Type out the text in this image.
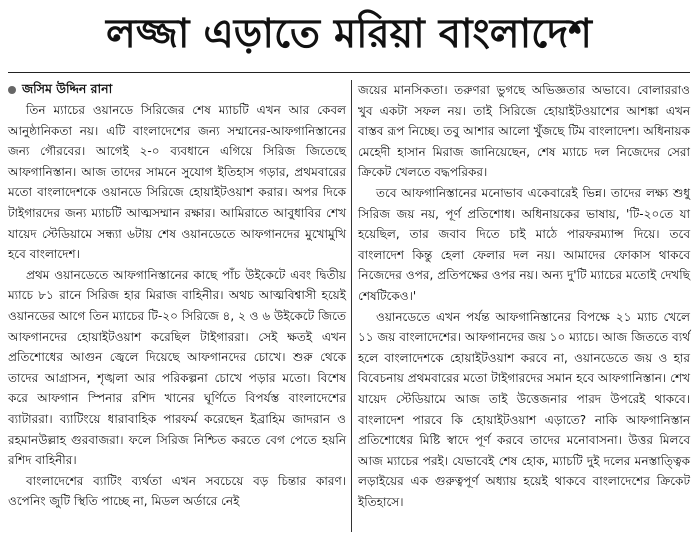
লজ্জা এড়াতে মরিয়া বাংলাদেশ
জসিম উদ্দিন রানা

তিন ম্যাচের ওয়ানডে সিরিজের শেষ ম্যাচটি এখন আর কেবল আনুষ্ঠানিকতা নয়। এটি বাংলাদেশের জন্য সম্মানের-আফগানিস্তানের জন্য গৌরবের। আগেই ২-০ ব্যবধানে এগিয়ে সিরিজ জিতেছে আফগানিস্তান। আজ তাদের সামনে সুযোগ ইতিহাস গড়ার, প্রথমবারের মতো বাংলাদেশকে ওয়ানডে সিরিজে হোয়াইটওয়াশ করার। অপর দিকে টাইগারদের জন্য ম্যাচটি আত্মসম্মান রক্ষার। আমিরাতে আবুধাবির শেখ যায়েদ স্টেডিয়ামে সন্ধ্যা ৬টায় শেষ ওয়ানডেতে আফগানদের মুখোমুখি হবে বাংলাদেশ।

প্রথম ওয়ানডেতে আফগানিস্তানের কাছে পাঁচ উইকেটে এবং দ্বিতীয় ম্যাচে ৮১ রানে সিরিজ হার মিরাজ বাহিনীর। অথচ আত্মবিশ্বাসী হয়েই ওয়ানডের আগে তিন ম্যাচের টি-২০ সিরিজে ৪, ২ ও ৬ উইকেটে জিতে আফগানদের হোয়াইটওয়াশ করেছিল টাইগাররা। সেই ক্ষতই এখন প্রতিশোধের আগুন জ্বেলে দিয়েছে আফগানদের চোখে। শুরু থেকে তাদের আগ্রাসন, শৃঙ্খলা আর পরিকল্পনা চোখে পড়ার মতো। বিশেষ করে আফগান স্পিনার রশিদ খানের ঘূর্ণিতে বিপর্যস্ত বাংলাদেশের ব্যাটাররা। ব্যাটিংয়ে ধারাবাহিক পারফর্ম করেছেন ইব্রাহিম জাদরান ও রহমানউল্লাহ গুরবাজরা। ফলে সিরিজ নিশ্চিত করতে বেগ পেতে হয়নি রশিদ বাহিনীর।

বাংলাদেশের ব্যাটিং ব্যর্থতা এখন সবচেয়ে বড় চিন্তার কারণ। ওপেনিং জুটি স্থিতি পাচ্ছে না, মিডল অর্ডারে নেই

জয়ের মানসিকতা। তরুণরা ভুগছে অভিজ্ঞতার অভাবে। বোলাররাও খুব একটা সফল নয়। তাই সিরিজে হোয়াইটওয়াশের আশঙ্কা এখন বাস্তব রূপ নিচ্ছে। তবু আশার আলো খুঁজছে টিম বাংলাদেশ। অধিনায়ক মেহেদী হাসান মিরাজ জানিয়েছেন, শেষ ম্যাচে দল নিজেদের সেরা ক্রিকেট খেলতে বদ্ধপরিকর।

তবে আফগানিস্তানের মনোভাব একেবারেই ভিন্ন। তাদের লক্ষ্য শুধু সিরিজ জয় নয়, পূর্ণ প্রতিশোধ। অধিনায়কের ভাষায়, 'টি-২০তে যা হয়েছিল, তার জবাব দিতে চাই মাঠে পারফরম্যান্স দিয়ে। তবে বাংলাদেশ কিন্তু হেলা ফেলার দল নয়। আমাদের ফোকাস থাকবে নিজেদের ওপর, প্রতিপক্ষের ওপর নয়। অন্য দু'টি ম্যাচের মতোই দেখছি শেষটিকেও।'

ওয়ানডেতে এখন পর্যন্ত আফগানিস্তানের বিপক্ষে ২১ ম্যাচ খেলে ১১ জয় বাংলাদেশের। আফগানদের জয় ১০ ম্যাচে। আজ জিততে ব্যর্থ হলে বাংলাদেশকে হোয়াইটওয়াশ করবে না, ওয়ানডেতে জয় ও হার বিবেচনায় প্রথমবারের মতো টাইগারদের সমান হবে আফগানিস্তান। শেখ যায়েদ স্টেডিয়ামে আজ তাই উত্তেজনার পারদ উপরেই থাকবে। বাংলাদেশ পারবে কি হোয়াইটওয়াশ এড়াতে? নাকি আফগানিস্তান প্রতিশোধের মিষ্টি স্বাদে পূর্ণ করবে তাদের মনোবাসনা। উত্তর মিলবে আজ ম্যাচের পরই। যেভাবেই শেষ হোক, ম্যাচটি দুই দলের মনস্তাত্ত্বিক লড়াইয়ের এক গুরুত্বপূর্ণ অধ্যায় হয়েই থাকবে বাংলাদেশের ক্রিকেট ইতিহাসে।
